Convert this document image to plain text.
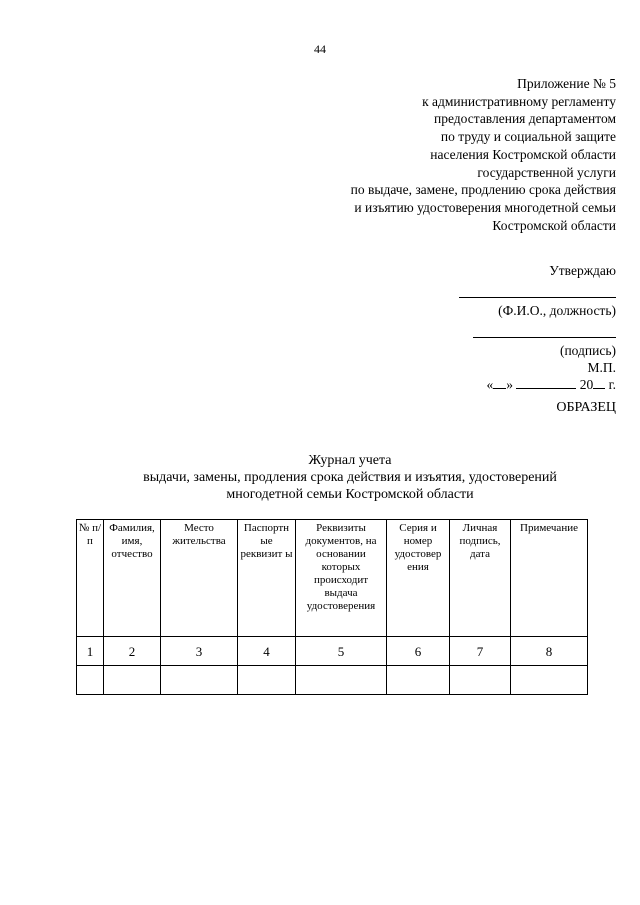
44
Приложение № 5
к административному регламенту
предоставления департаментом
по труду и социальной защите
населения Костромской области
государственной услуги
по выдаче, замене, продлению срока действия
и изъятию удостоверения многодетной семьи
Костромской области
Утверждаю
(Ф.И.О., должность)
(подпись)
М.П.
« »	20 г.
ОБРАЗЕЦ
Журнал учета
выдачи, замены, продления срока действия и изъятия, удостоверений
многодетной семьи Костромской области
№ п/п	Фамилия, имя, отчество	Место жительства	Паспортн ые реквизит ы	Реквизиты документов, на основании которых происходит выдача удостоверения	Серия и номер удостовер ения	Личная подпись, дата	Примечание
1	2	3	4	5	6	7	8
